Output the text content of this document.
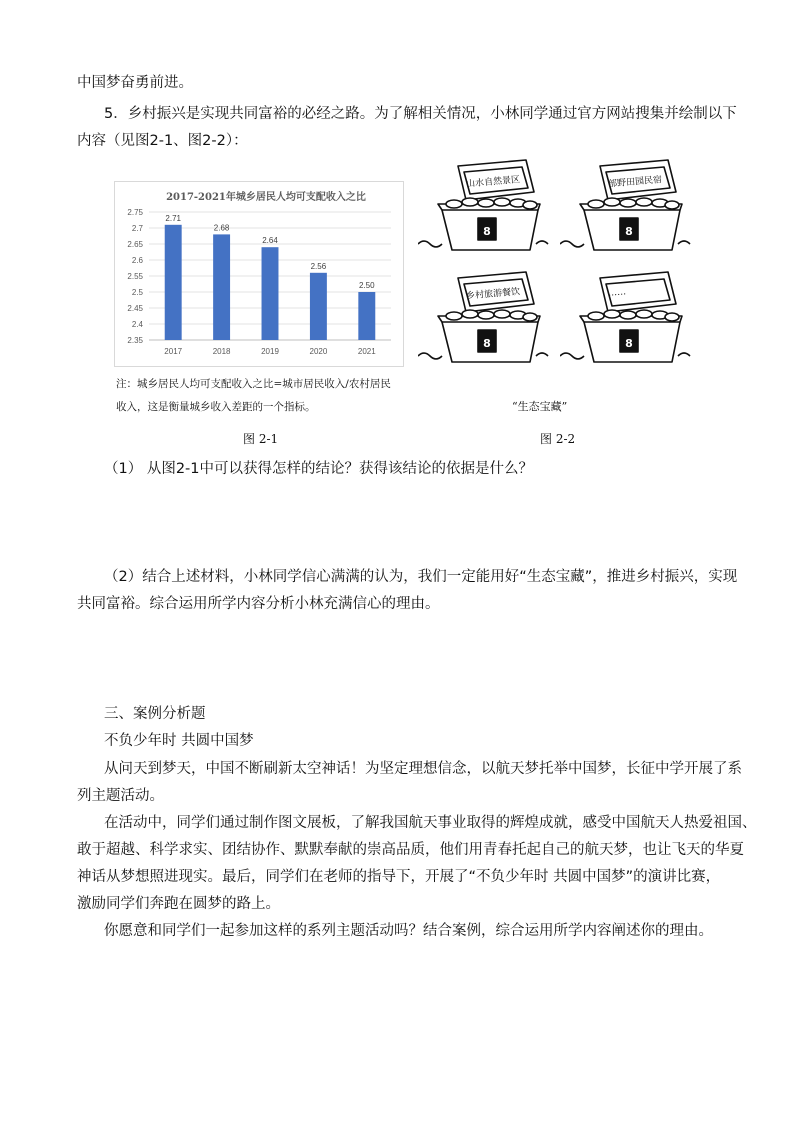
中国梦奋勇前进。
5．乡村振兴是实现共同富裕的必经之路。为了解相关情况，小林同学通过官方网站搜集并绘制以下
内容（见图2-1、图2-2）：
2017-2021年城乡居民人均可支配收入之比
2.75
2.7
2.65
2.6
2.55
2.5
2.45
2.4
2.35
2.71
2017
2.68
2018
2.64
2019
2.56
2020
2.50
2021
注：城乡居民人均可支配收入之比=城市居民收入/农村居民
收入，这是衡量城乡收入差距的一个指标。
图 2-1
8
山水自然景区
8
部野田园民宿
8
乡村旅游餐饮
8
……
“生态宝藏”
图 2-2
（1） 从图2-1中可以获得怎样的结论？获得该结论的依据是什么？
（2）结合上述材料，小林同学信心满满的认为，我们一定能用好“生态宝藏”，推进乡村振兴，实现
共同富裕。综合运用所学内容分析小林充满信心的理由。
三、案例分析题
不负少年时 共圆中国梦
从问天到梦天，中国不断刷新太空神话！为坚定理想信念，以航天梦托举中国梦，长征中学开展了系
列主题活动。
在活动中，同学们通过制作图文展板，了解我国航天事业取得的辉煌成就，感受中国航天人热爱祖国、
敢于超越、科学求实、团结协作、默默奉献的崇高品质，他们用青春托起自己的航天梦，也让飞天的华夏
神话从梦想照进现实。最后，同学们在老师的指导下，开展了“不负少年时 共圆中国梦”的演讲比赛，
激励同学们奔跑在圆梦的路上。
你愿意和同学们一起参加这样的系列主题活动吗？结合案例，综合运用所学内容阐述你的理由。
